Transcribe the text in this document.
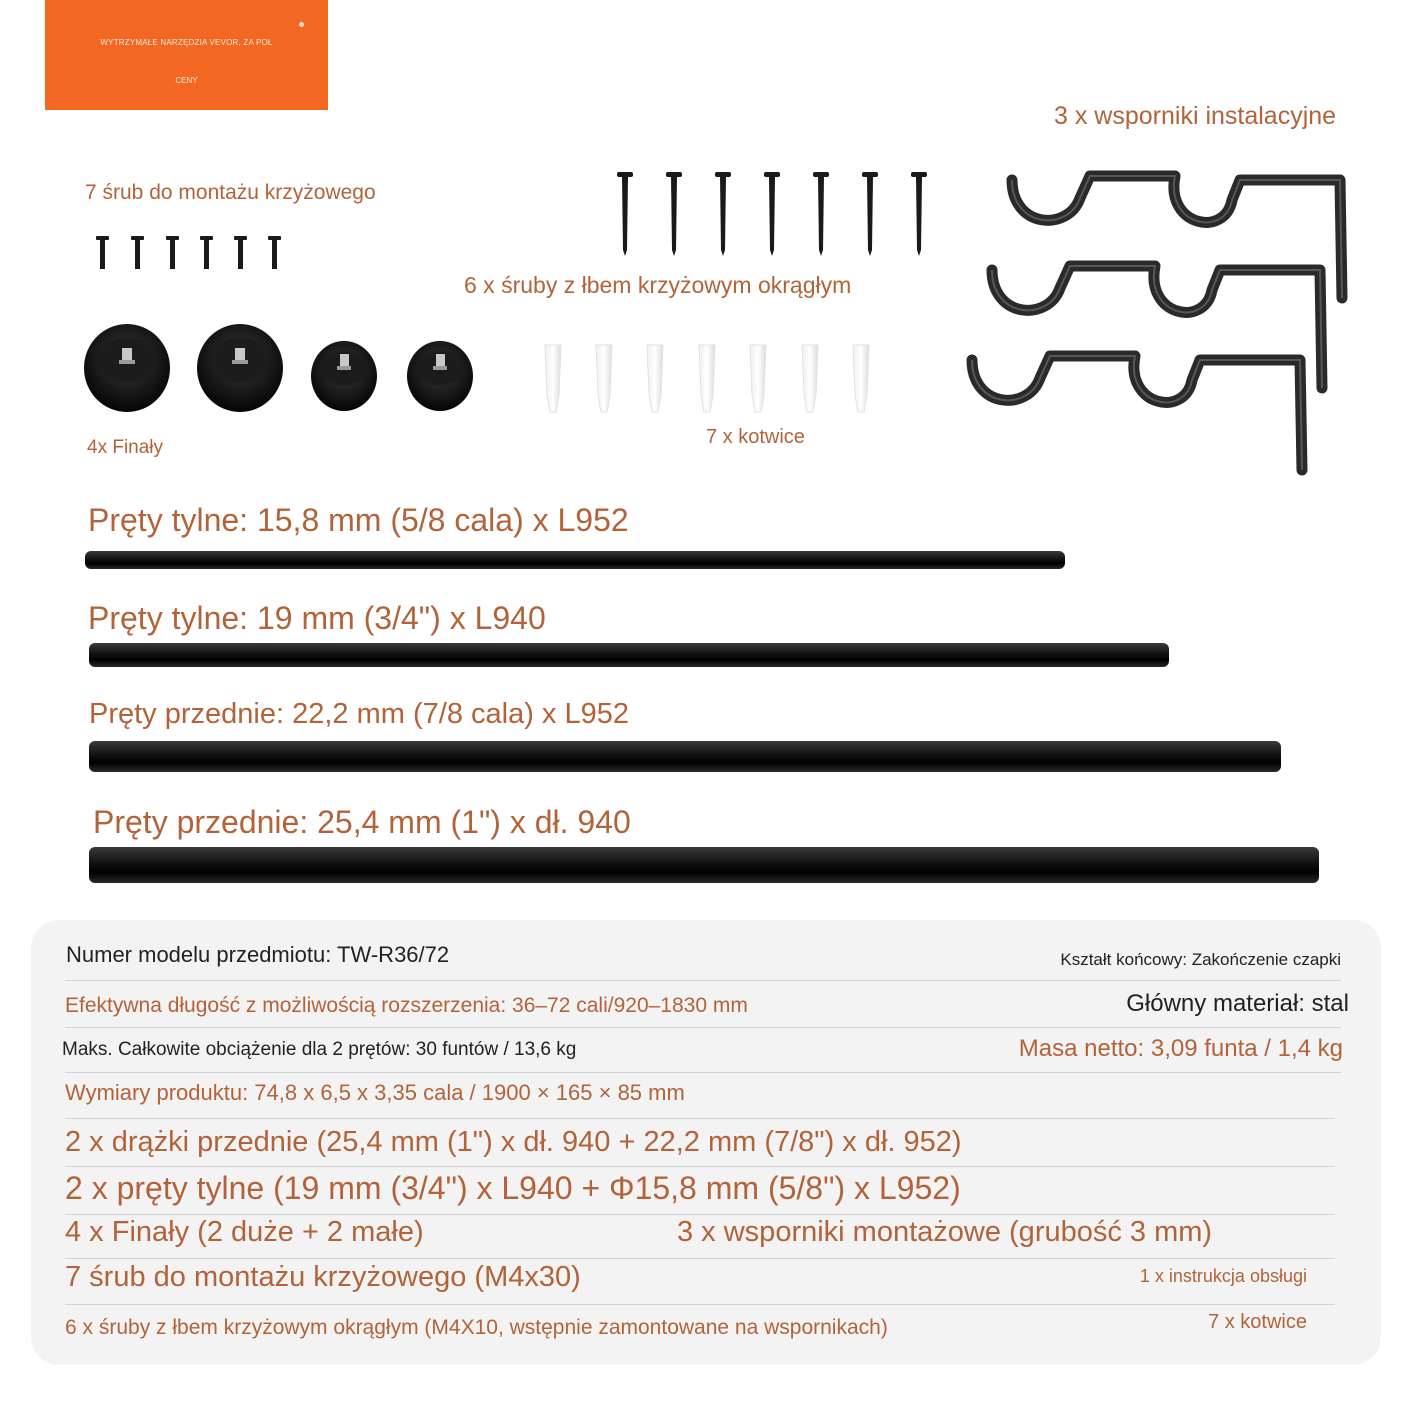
WYTRZYMAŁE NARZĘDZIA VEVOR, ZA POŁ
CENY
3 x wsporniki instalacyjne
7 śrub do montażu krzyżowego
6 x śruby z łbem krzyżowym okrągłym
4x Finały	7 x kotwice
Pręty tylne: 15,8 mm (5/8 cala) x L952
Pręty tylne: 19 mm (3/4") x L940
Pręty przednie: 22,2 mm (7/8 cala) x L952
Pręty przednie: 25,4 mm (1") x dł. 940
Numer modelu przedmiotu: TW-R36/72	Kształt końcowy: Zakończenie czapki
Efektywna długość z możliwością rozszerzenia: 36–72 cali/920–1830 mm	Główny materiał: stal
Maks. Całkowite obciążenie dla 2 prętów: 30 funtów / 13,6 kg	Masa netto: 3,09 funta / 1,4 kg
Wymiary produktu: 74,8 x 6,5 x 3,35 cala / 1900 × 165 × 85 mm
2 x drążki przednie (25,4 mm (1") x dł. 940 + 22,2 mm (7/8") x dł. 952)
2 x pręty tylne (19 mm (3/4") x L940 + Φ15,8 mm (5/8") x L952)
4 x Finały (2 duże + 2 małe)	3 x wsporniki montażowe (grubość 3 mm)
7 śrub do montażu krzyżowego (M4x30)	1 x instrukcja obsługi
6 x śruby z łbem krzyżowym okrągłym (M4X10, wstępnie zamontowane na wspornikach)	7 x kotwice
